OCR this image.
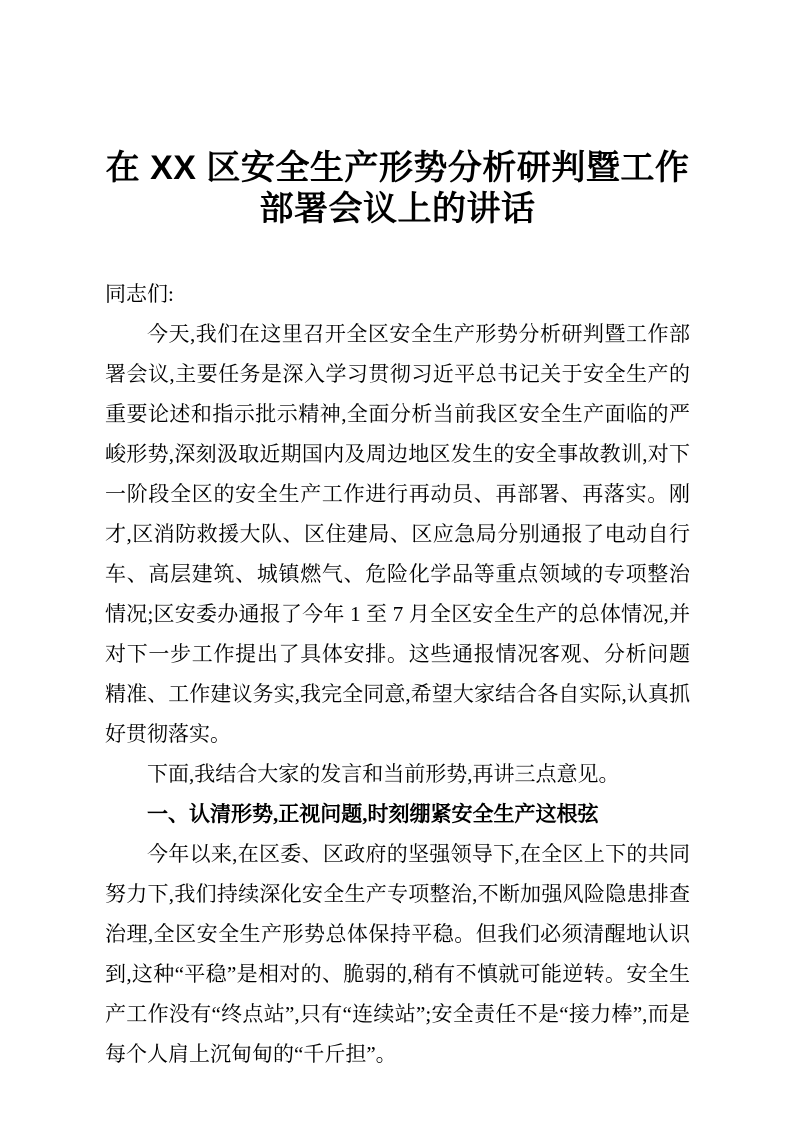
在 XX 区安全生产形势分析研判暨工作
部署会议上的讲话

同志们:

今天,我们在这里召开全区安全生产形势分析研判暨工作部署会议,主要任务是深入学习贯彻习近平总书记关于安全生产的重要论述和指示批示精神,全面分析当前我区安全生产面临的严峻形势,深刻汲取近期国内及周边地区发生的安全事故教训,对下一阶段全区的安全生产工作进行再动员、再部署、再落实。刚才,区消防救援大队、区住建局、区应急局分别通报了电动自行车、高层建筑、城镇燃气、危险化学品等重点领域的专项整治情况;区安委办通报了今年 1 至 7 月全区安全生产的总体情况,并对下一步工作提出了具体安排。这些通报情况客观、分析问题精准、工作建议务实,我完全同意,希望大家结合各自实际,认真抓好贯彻落实。

下面,我结合大家的发言和当前形势,再讲三点意见。

一、认清形势,正视问题,时刻绷紧安全生产这根弦

今年以来,在区委、区政府的坚强领导下,在全区上下的共同努力下,我们持续深化安全生产专项整治,不断加强风险隐患排查治理,全区安全生产形势总体保持平稳。但我们必须清醒地认识到,这种“平稳”是相对的、脆弱的,稍有不慎就可能逆转。安全生产工作没有“终点站”,只有“连续站”;安全责任不是“接力棒”,而是每个人肩上沉甸甸的“千斤担”。
